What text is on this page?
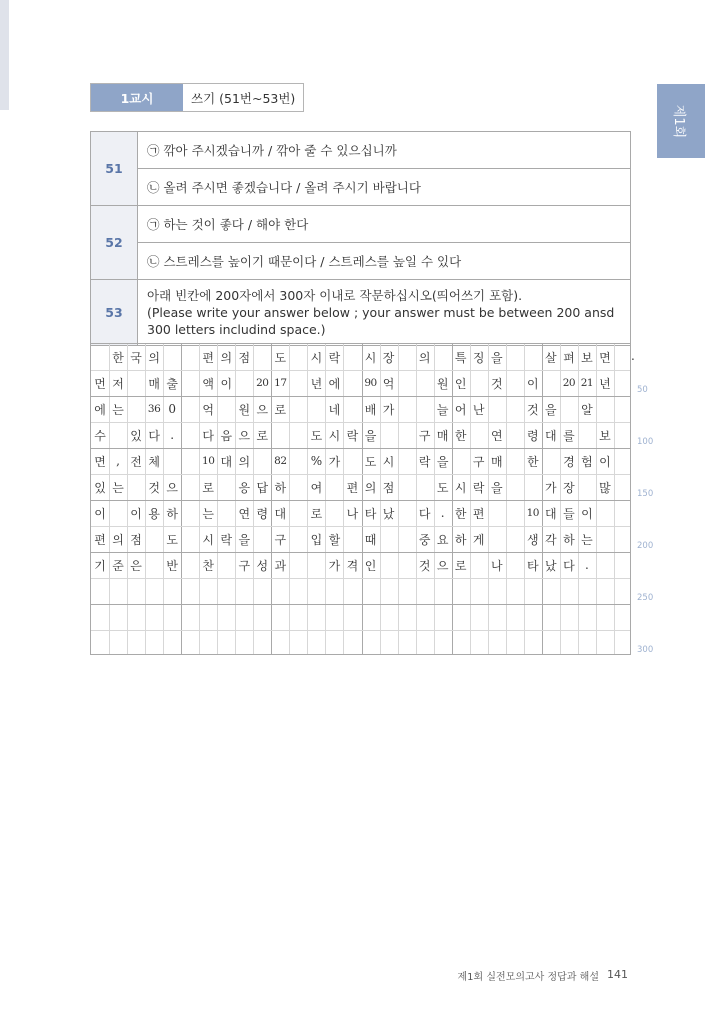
제1회
1교시	쓰기 (51번~53번)
51	㉠ 깎아 주시겠습니까 / 깎아 줄 수 있으십니까
	㉡ 올려 주시면 좋겠습니다 / 올려 주시기 바랍니다
52	㉠ 하는 것이 좋다 / 해야 한다
	㉡ 스트레스를 높이기 때문이다 / 스트레스를 높일 수 있다
53	아래 빈칸에 200자에서 300자 이내로 작문하십시오(띄어쓰기 포함).
(Please write your answer below ; your answer must be between 200 ansd 300 letters includind space.)
한 국 의	편 의 점 도 시 락 시 장 의 특 징 을	살 펴 보 면
먼 저 매 출 액 이	20 17 년 에	90 억	원 인 것 이	20 21 년
에 는	36 0	억 원 으 로	네 배 가	늘 어 난	것 을 알
수 있 다 .	다 음 으 로	도 시 락 을	구 매 한 연 령 대 를 보
면 , 전 체	10 대 의	82 % 가 도 시 락 을 구 매 한 경 험 이
있 는 것 으 로 응 답 하 여 편 의 점	도 시 락 을	가 장 많
이 이 용 하 는 연 령 대 로 나 타 났 다 . 한 편	10 대 들 이
편 의 점 도 시 락 을 구 입 할 때	중 요 하 게	생 각 하 는
기 준 은 반 찬 구 성 과	가 격 인	것 으 로 나 타 났 다 .
.
50
100
150
200
250
300
제1회 실전모의고사 정답과 해설 141
